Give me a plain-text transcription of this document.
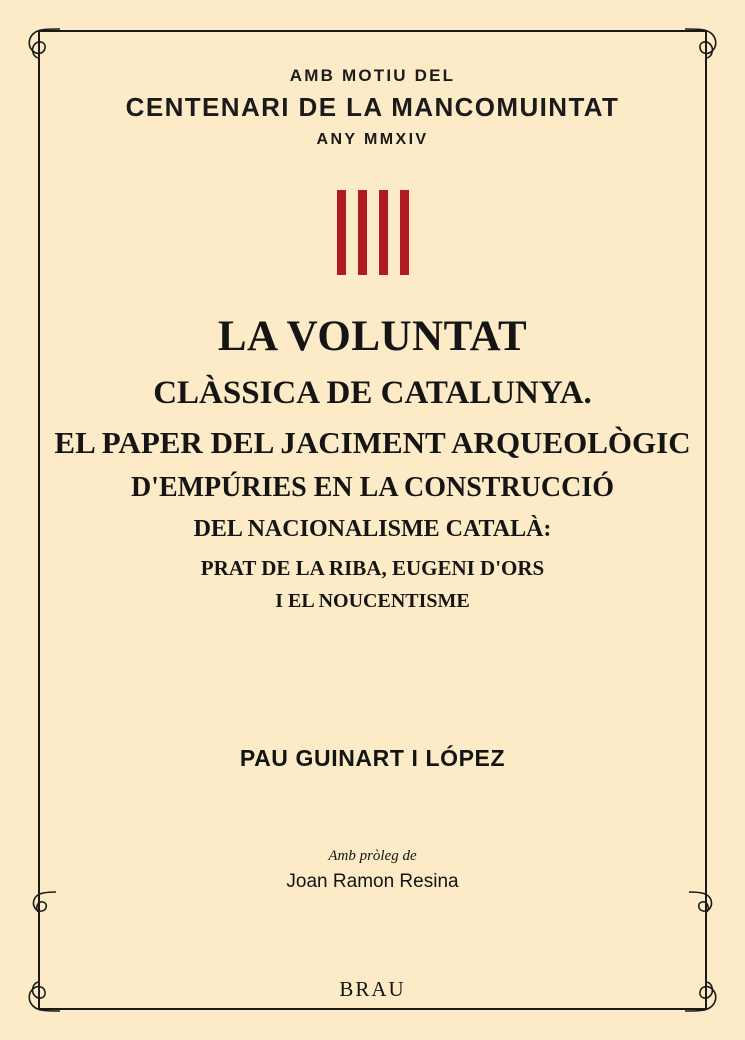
AMB MOTIU DEL
CENTENARI DE LA MANCOMUINTAT
ANY MMXIV
LA VOLUNTAT
CLÀSSICA DE CATALUNYA.
EL PAPER DEL JACIMENT ARQUEOLÒGIC
D'EMPÚRIES EN LA CONSTRUCCIÓ
DEL NACIONALISME CATALÀ:
PRAT DE LA RIBA, EUGENI D'ORS
I EL NOUCENTISME
PAU GUINART I LÓPEZ
Amb pròleg de
Joan Ramon Resina
BRAU
